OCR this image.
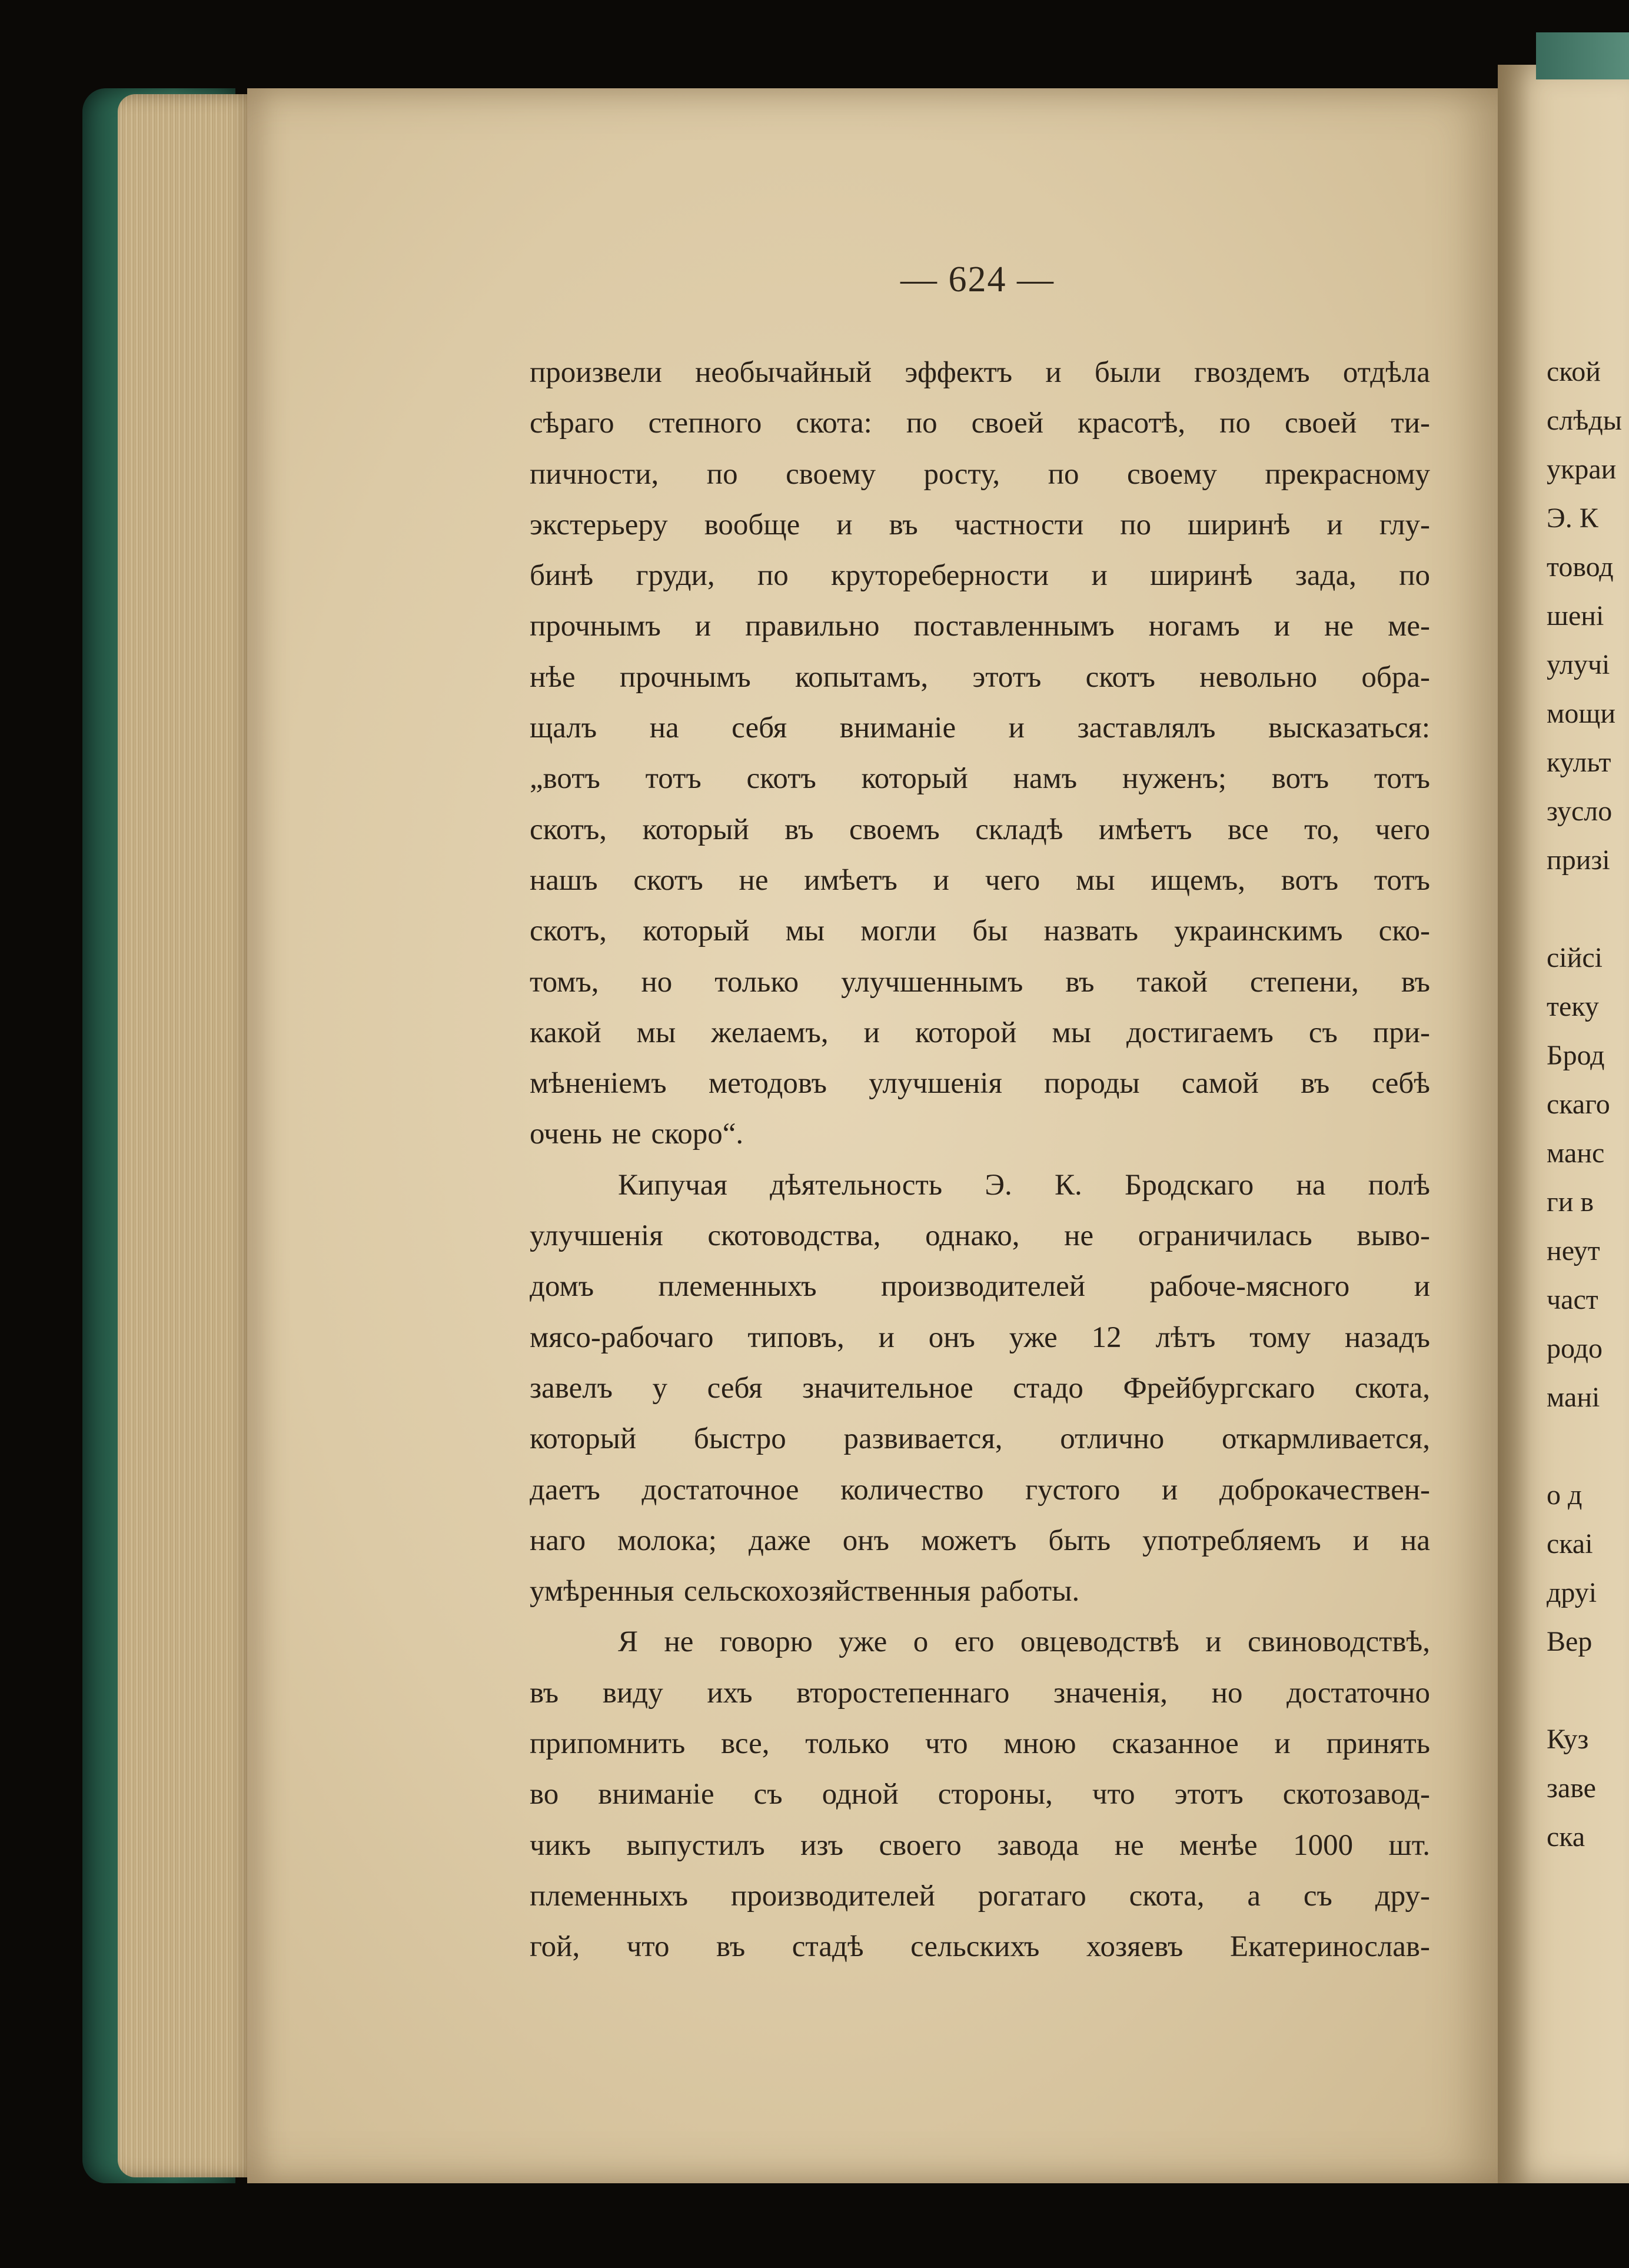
— 624 —
произвели необычайный эффектъ и были гвоздемъ отдѣла
сѣраго степного скота: по своей красотѣ, по своей ти-
пичности, по своему росту, по своему прекрасному
экстерьеру вообще и въ частности по ширинѣ и глу-
бинѣ груди, по крутореберности и ширинѣ зада, по
прочнымъ и правильно поставленнымъ ногамъ и не ме-
нѣе прочнымъ копытамъ, этотъ скотъ невольно обра-
щалъ на себя вниманіе и заставлялъ высказаться:
„вотъ тотъ скотъ который намъ нуженъ; вотъ тотъ
скотъ, который въ своемъ складѣ имѣетъ все то, чего
нашъ скотъ не имѣетъ и чего мы ищемъ, вотъ тотъ
скотъ, который мы могли бы назвать украинскимъ ско-
томъ, но только улучшеннымъ въ такой степени, въ
какой мы желаемъ, и которой мы достигаемъ съ при-
мѣненіемъ методовъ улучшенія породы самой въ себѣ
очень не скоро“.
Кипучая дѣятельность Э. К. Бродскаго на полѣ
улучшенія скотоводства, однако, не ограничилась выво-
домъ племенныхъ производителей рабоче-мясного и
мясо-рабочаго типовъ, и онъ уже 12 лѣтъ тому назадъ
завелъ у себя значительное стадо Фрейбургскаго скота,
который быстро развивается, отлично откармливается,
даетъ достаточное количество густого и доброкачествен-
наго молока; даже онъ можетъ быть употребляемъ и на
умѣренныя сельскохозяйственныя работы.
Я не говорю уже о его овцеводствѣ и свиноводствѣ,
въ виду ихъ второстепеннаго значенія, но достаточно
припомнить все, только что мною сказанное и принять
во вниманіе съ одной стороны, что этотъ скотозавод-
чикъ выпустилъ изъ своего завода не менѣе 1000 шт.
племенныхъ производителей рогатаго скота, а съ дру-
гой, что въ стадѣ сельскихъ хозяевъ Екатеринослав-
ской
слѣды
украи
Э. К
товод
шені
улучі
мощи
культ
зусло
призі
сійсі
теку
Брод
скаго
манс
ги в
неут
част
родо
мані
о д
скаі
друі
Вер
Куз
заве
ска
